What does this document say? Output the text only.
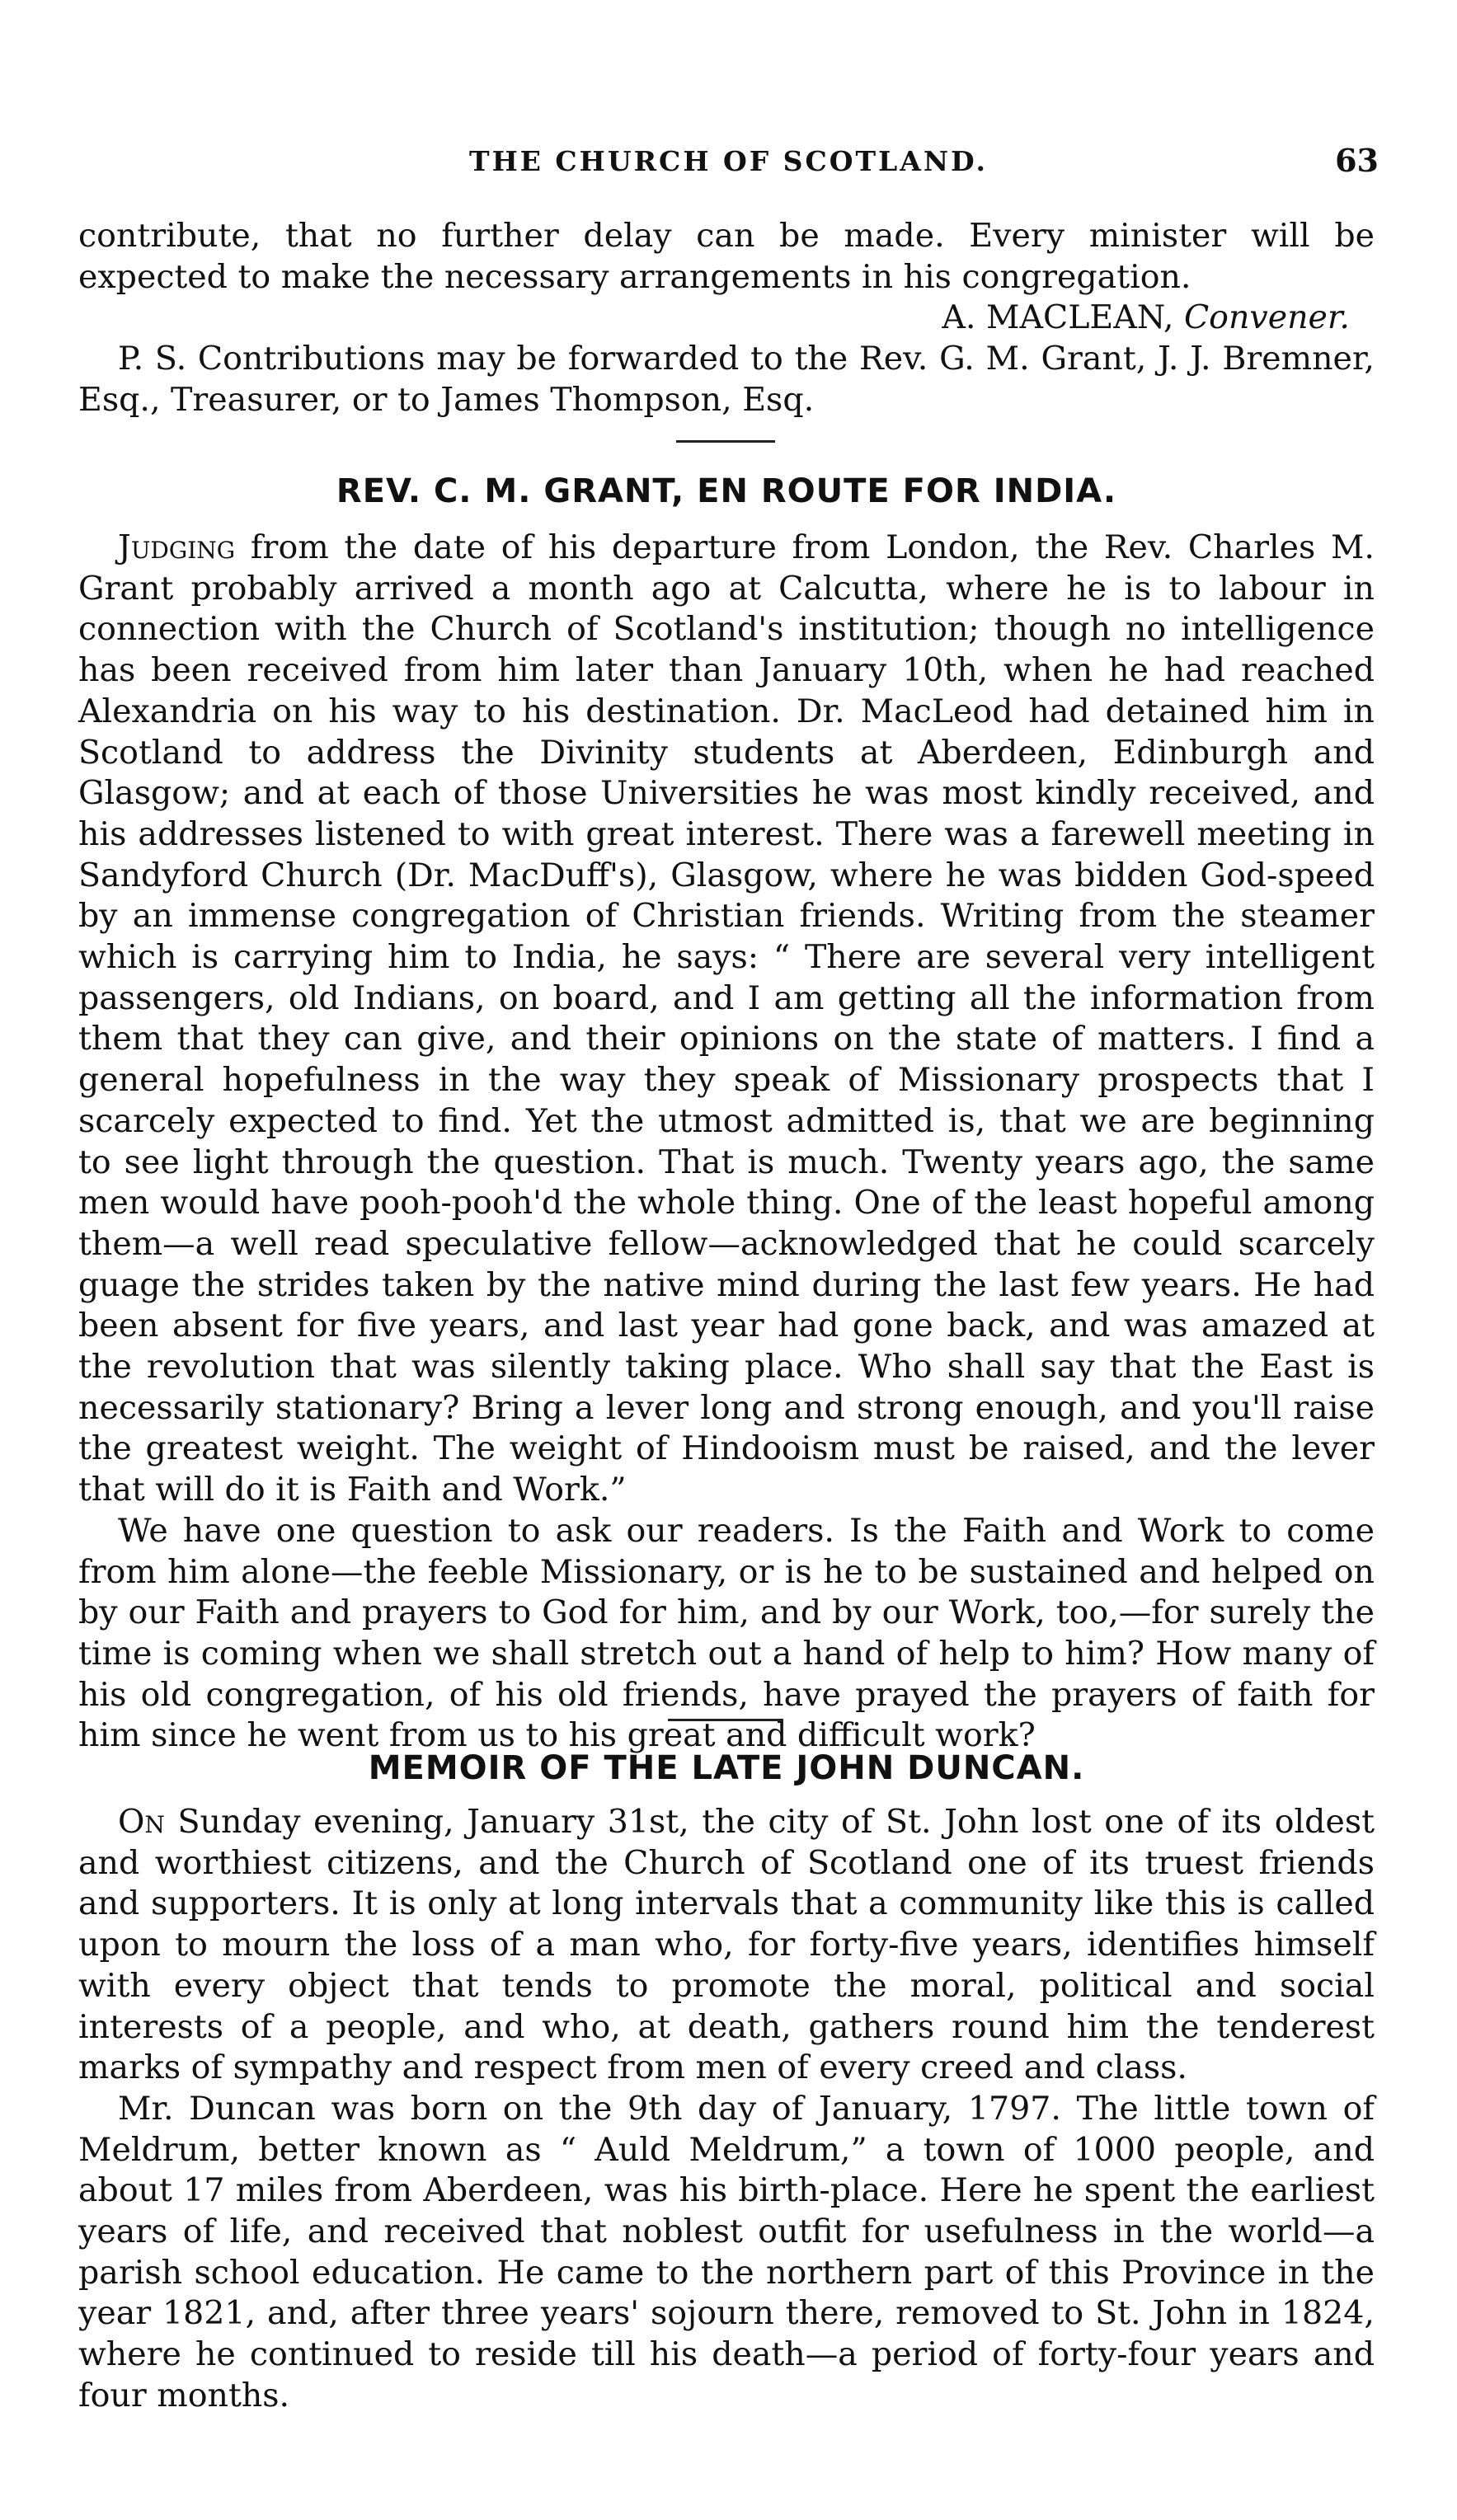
THE CHURCH OF SCOTLAND.	63

contribute, that no further delay can be made. Every minister will be expected to make the necessary arrangements in his congregation.

A. MACLEAN, Convener.

P. S. Contributions may be forwarded to the Rev. G. M. Grant, J. J. Bremner, Esq., Treasurer, or to James Thompson, Esq.

REV. C. M. GRANT, EN ROUTE FOR INDIA.

Judging from the date of his departure from London, the Rev. Charles M. Grant probably arrived a month ago at Calcutta, where he is to labour in connection with the Church of Scotland's institution; though no intelligence has been received from him later than January 10th, when he had reached Alexandria on his way to his destination. Dr. MacLeod had detained him in Scotland to address the Divinity students at Aberdeen, Edinburgh and Glasgow; and at each of those Universities he was most kindly received, and his addresses listened to with great interest. There was a farewell meeting in Sandyford Church (Dr. MacDuff's), Glasgow, where he was bidden God-speed by an immense congregation of Christian friends. Writing from the steamer which is carrying him to India, he says: “ There are several very intelligent passengers, old Indians, on board, and I am getting all the information from them that they can give, and their opinions on the state of matters. I find a general hopefulness in the way they speak of Missionary prospects that I scarcely expected to find. Yet the utmost admitted is, that we are beginning to see light through the question. That is much. Twenty years ago, the same men would have pooh-pooh'd the whole thing. One of the least hopeful among them—a well read speculative fellow—acknowledged that he could scarcely guage the strides taken by the native mind during the last few years. He had been absent for five years, and last year had gone back, and was amazed at the revolution that was silently taking place. Who shall say that the East is necessarily stationary? Bring a lever long and strong enough, and you'll raise the greatest weight. The weight of Hindooism must be raised, and the lever that will do it is Faith and Work.”

We have one question to ask our readers. Is the Faith and Work to come from him alone—the feeble Missionary, or is he to be sustained and helped on by our Faith and prayers to God for him, and by our Work, too,—for surely the time is coming when we shall stretch out a hand of help to him? How many of his old congregation, of his old friends, have prayed the prayers of faith for him since he went from us to his great and difficult work?

MEMOIR OF THE LATE JOHN DUNCAN.

On Sunday evening, January 31st, the city of St. John lost one of its oldest and worthiest citizens, and the Church of Scotland one of its truest friends and supporters. It is only at long intervals that a community like this is called upon to mourn the loss of a man who, for forty-five years, identifies himself with every object that tends to promote the moral, political and social interests of a people, and who, at death, gathers round him the tenderest marks of sympathy and respect from men of every creed and class.

Mr. Duncan was born on the 9th day of January, 1797. The little town of Meldrum, better known as “ Auld Meldrum,” a town of 1000 people, and about 17 miles from Aberdeen, was his birth-place. Here he spent the earliest years of life, and received that noblest outfit for usefulness in the world—a parish school education. He came to the northern part of this Province in the year 1821, and, after three years' sojourn there, removed to St. John in 1824, where he continued to reside till his death—a period of forty-four years and four months.
